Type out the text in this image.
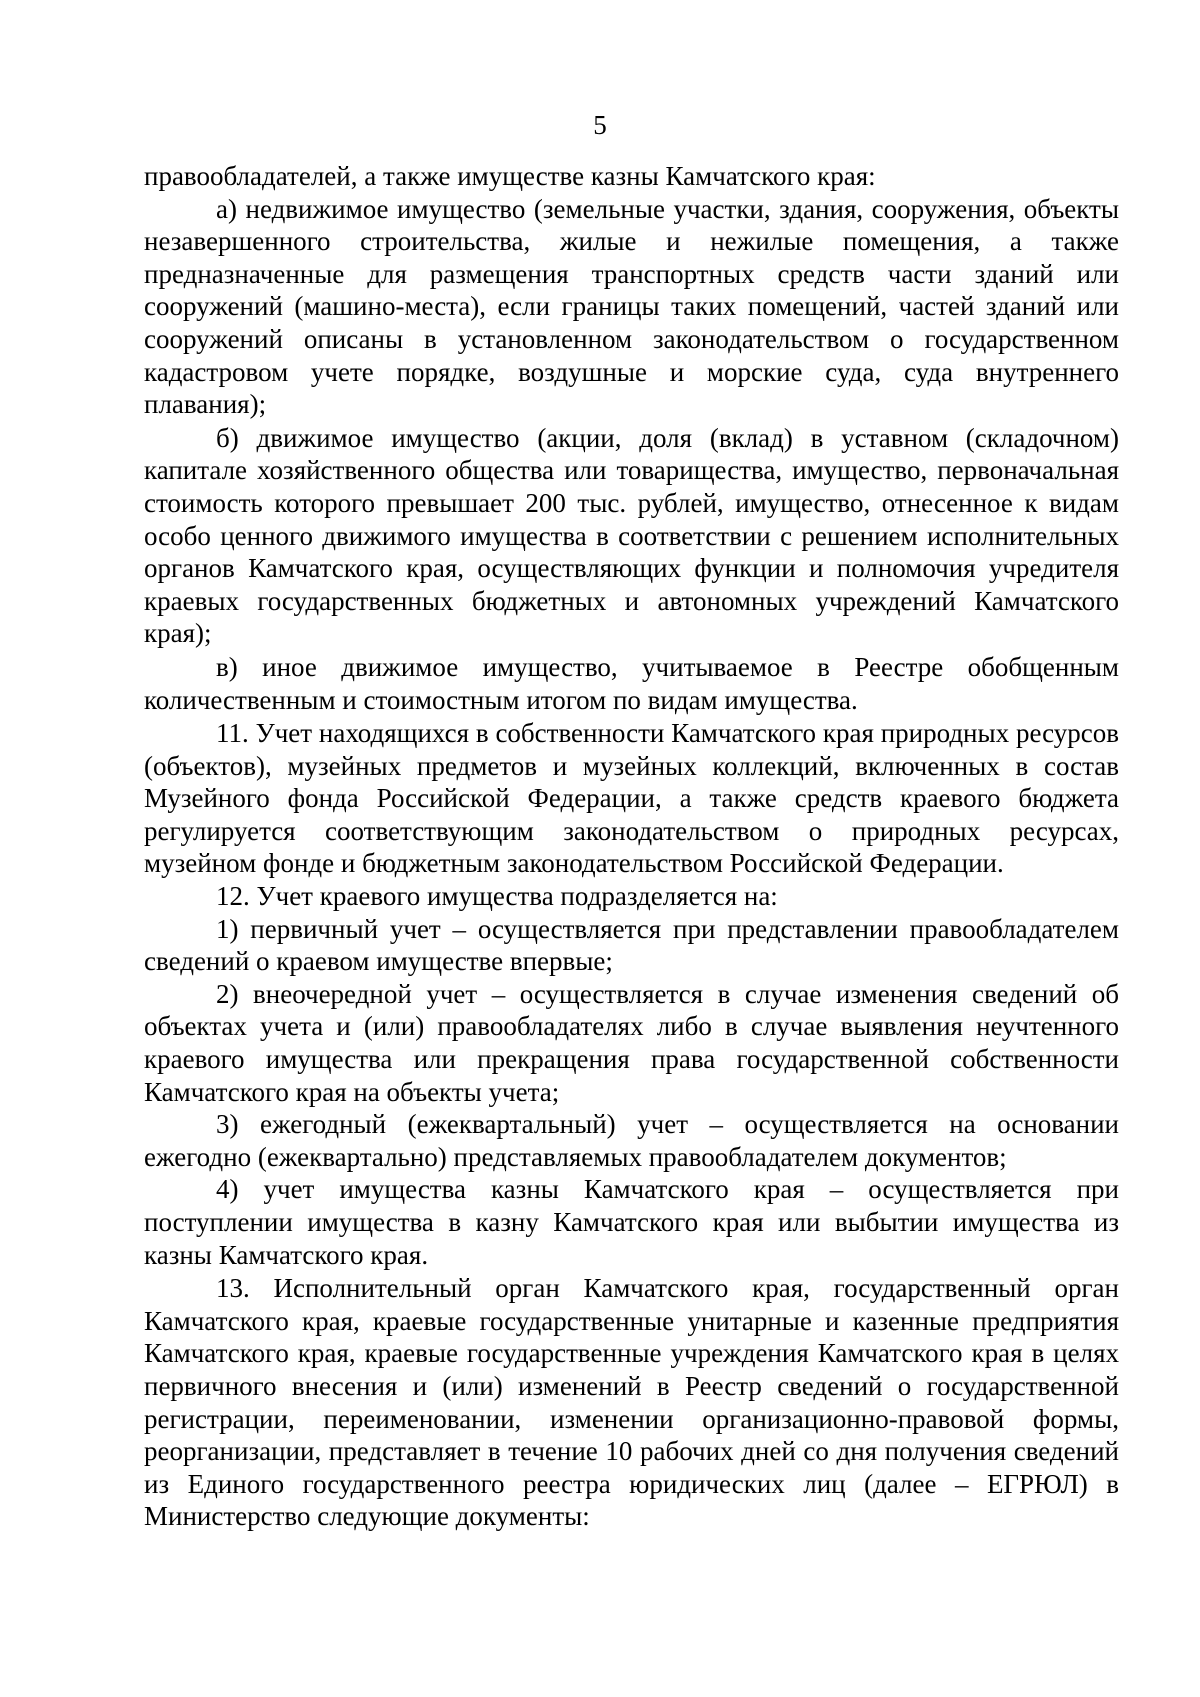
5

правообладателей, а также имуществе казны Камчатского края:

а) недвижимое имущество (земельные участки, здания, сооружения, объекты незавершенного строительства, жилые и нежилые помещения, а также предназначенные для размещения транспортных средств части зданий или сооружений (машино-места), если границы таких помещений, частей зданий или сооружений описаны в установленном законодательством о государственном кадастровом учете порядке, воздушные и морские суда, суда внутреннего плавания);

б) движимое имущество (акции, доля (вклад) в уставном (складочном) капитале хозяйственного общества или товарищества, имущество, первоначальная стоимость которого превышает 200 тыс. рублей, имущество, отнесенное к видам особо ценного движимого имущества в соответствии с решением исполнительных органов Камчатского края, осуществляющих функции и полномочия учредителя краевых государственных бюджетных и автономных учреждений Камчатского края);

в) иное движимое имущество, учитываемое в Реестре обобщенным количественным и стоимостным итогом по видам имущества.

11. Учет находящихся в собственности Камчатского края природных ресурсов (объектов), музейных предметов и музейных коллекций, включенных в состав Музейного фонда Российской Федерации, а также средств краевого бюджета регулируется соответствующим законодательством о природных ресурсах, музейном фонде и бюджетным законодательством Российской Федерации.

12. Учет краевого имущества подразделяется на:

1) первичный учет – осуществляется при представлении правообладателем сведений о краевом имуществе впервые;

2) внеочередной учет – осуществляется в случае изменения сведений об объектах учета и (или) правообладателях либо в случае выявления неучтенного краевого имущества или прекращения права государственной собственности Камчатского края на объекты учета;

3) ежегодный (ежеквартальный) учет – осуществляется на основании ежегодно (ежеквартально) представляемых правообладателем документов;

4) учет имущества казны Камчатского края – осуществляется при поступлении имущества в казну Камчатского края или выбытии имущества из казны Камчатского края.

13. Исполнительный орган Камчатского края, государственный орган Камчатского края, краевые государственные унитарные и казенные предприятия Камчатского края, краевые государственные учреждения Камчатского края в целях первичного внесения и (или) изменений в Реестр сведений о государственной регистрации, переименовании, изменении организационно-правовой формы, реорганизации, представляет в течение 10 рабочих дней со дня получения сведений из Единого государственного реестра юридических лиц (далее – ЕГРЮЛ) в Министерство следующие документы:
